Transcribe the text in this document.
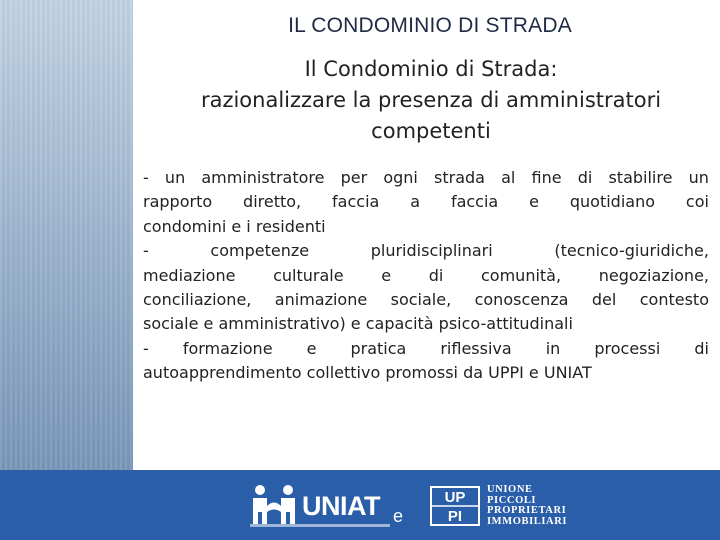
IL CONDOMINIO DI STRADA
Il Condominio di Strada:
razionalizzare la presenza di amministratori
competenti
- un amministratore per ogni strada al fine di stabilire un
rapporto diretto, faccia a faccia e quotidiano coi
condomini e i residenti
-	competenze	pluridisciplinari	(tecnico-giuridiche,
mediazione culturale e di comunità, negoziazione,
conciliazione, animazione sociale, conoscenza del contesto
sociale e amministrativo) e capacità psico-attitudinali
- formazione e pratica riflessiva in processi di
autoapprendimento collettivo promossi da UPPI e UNIAT
UNIAT e
UP
PI
UNIONE
PICCOLI
PROPRIETARI
IMMOBILIARI
